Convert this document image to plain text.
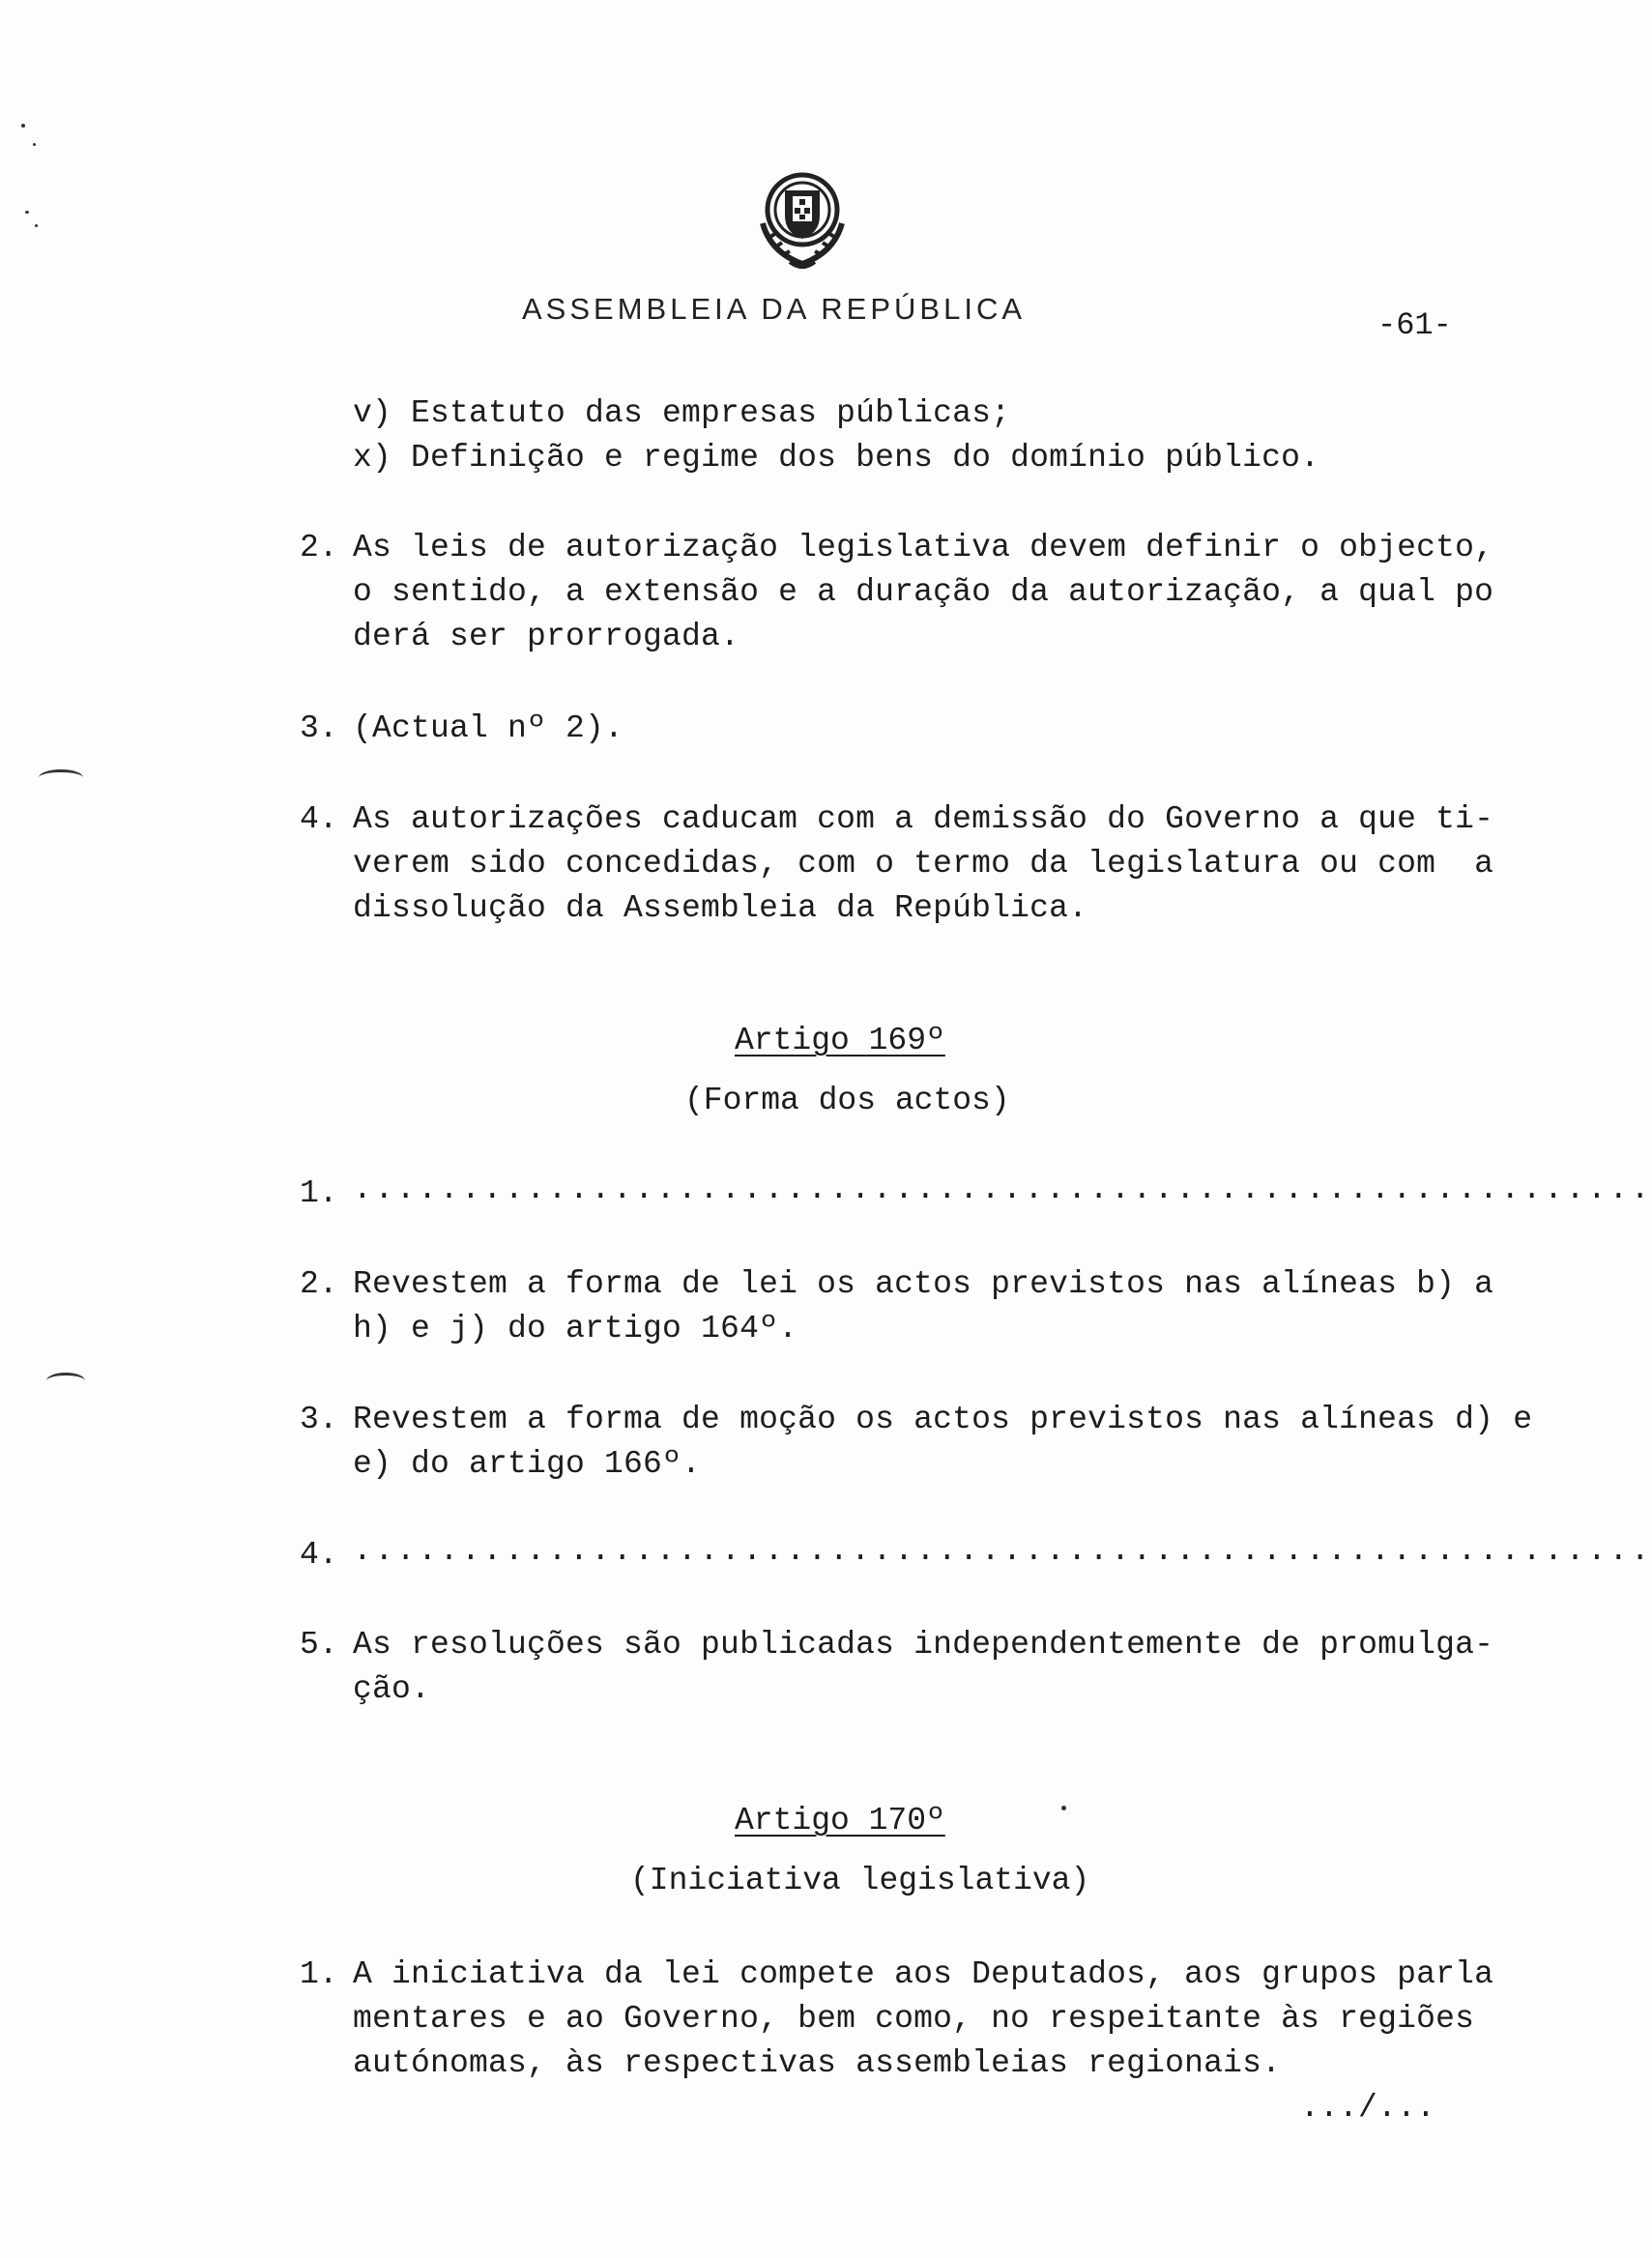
ASSEMBLEIA DA REPÚBLICA	-61-
v) Estatuto das empresas públicas;
x) Definição e regime dos bens do domínio público.
2. As leis de autorização legislativa devem definir o objecto,
o sentido, a extensão e a duração da autorização, a qual po
derá ser prorrogada.
3. (Actual nº 2).
4. As autorizações caducam com a demissão do Governo a que ti-
verem sido concedidas, com o termo da legislatura ou com  a
dissolução da Assembleia da República.
Artigo 169º
(Forma dos actos)
1. ............................................................
2. Revestem a forma de lei os actos previstos nas alíneas b) a
h) e j) do artigo 164º.
3. Revestem a forma de moção os actos previstos nas alíneas d) e
e) do artigo 166º.
4. ............................................................
5. As resoluções são publicadas independentemente de promulga-
ção.
Artigo 170º
(Iniciativa legislativa)
1. A iniciativa da lei compete aos Deputados, aos grupos parla
mentares e ao Governo, bem como, no respeitante às regiões
autónomas, às respectivas assembleias regionais.
.../...
